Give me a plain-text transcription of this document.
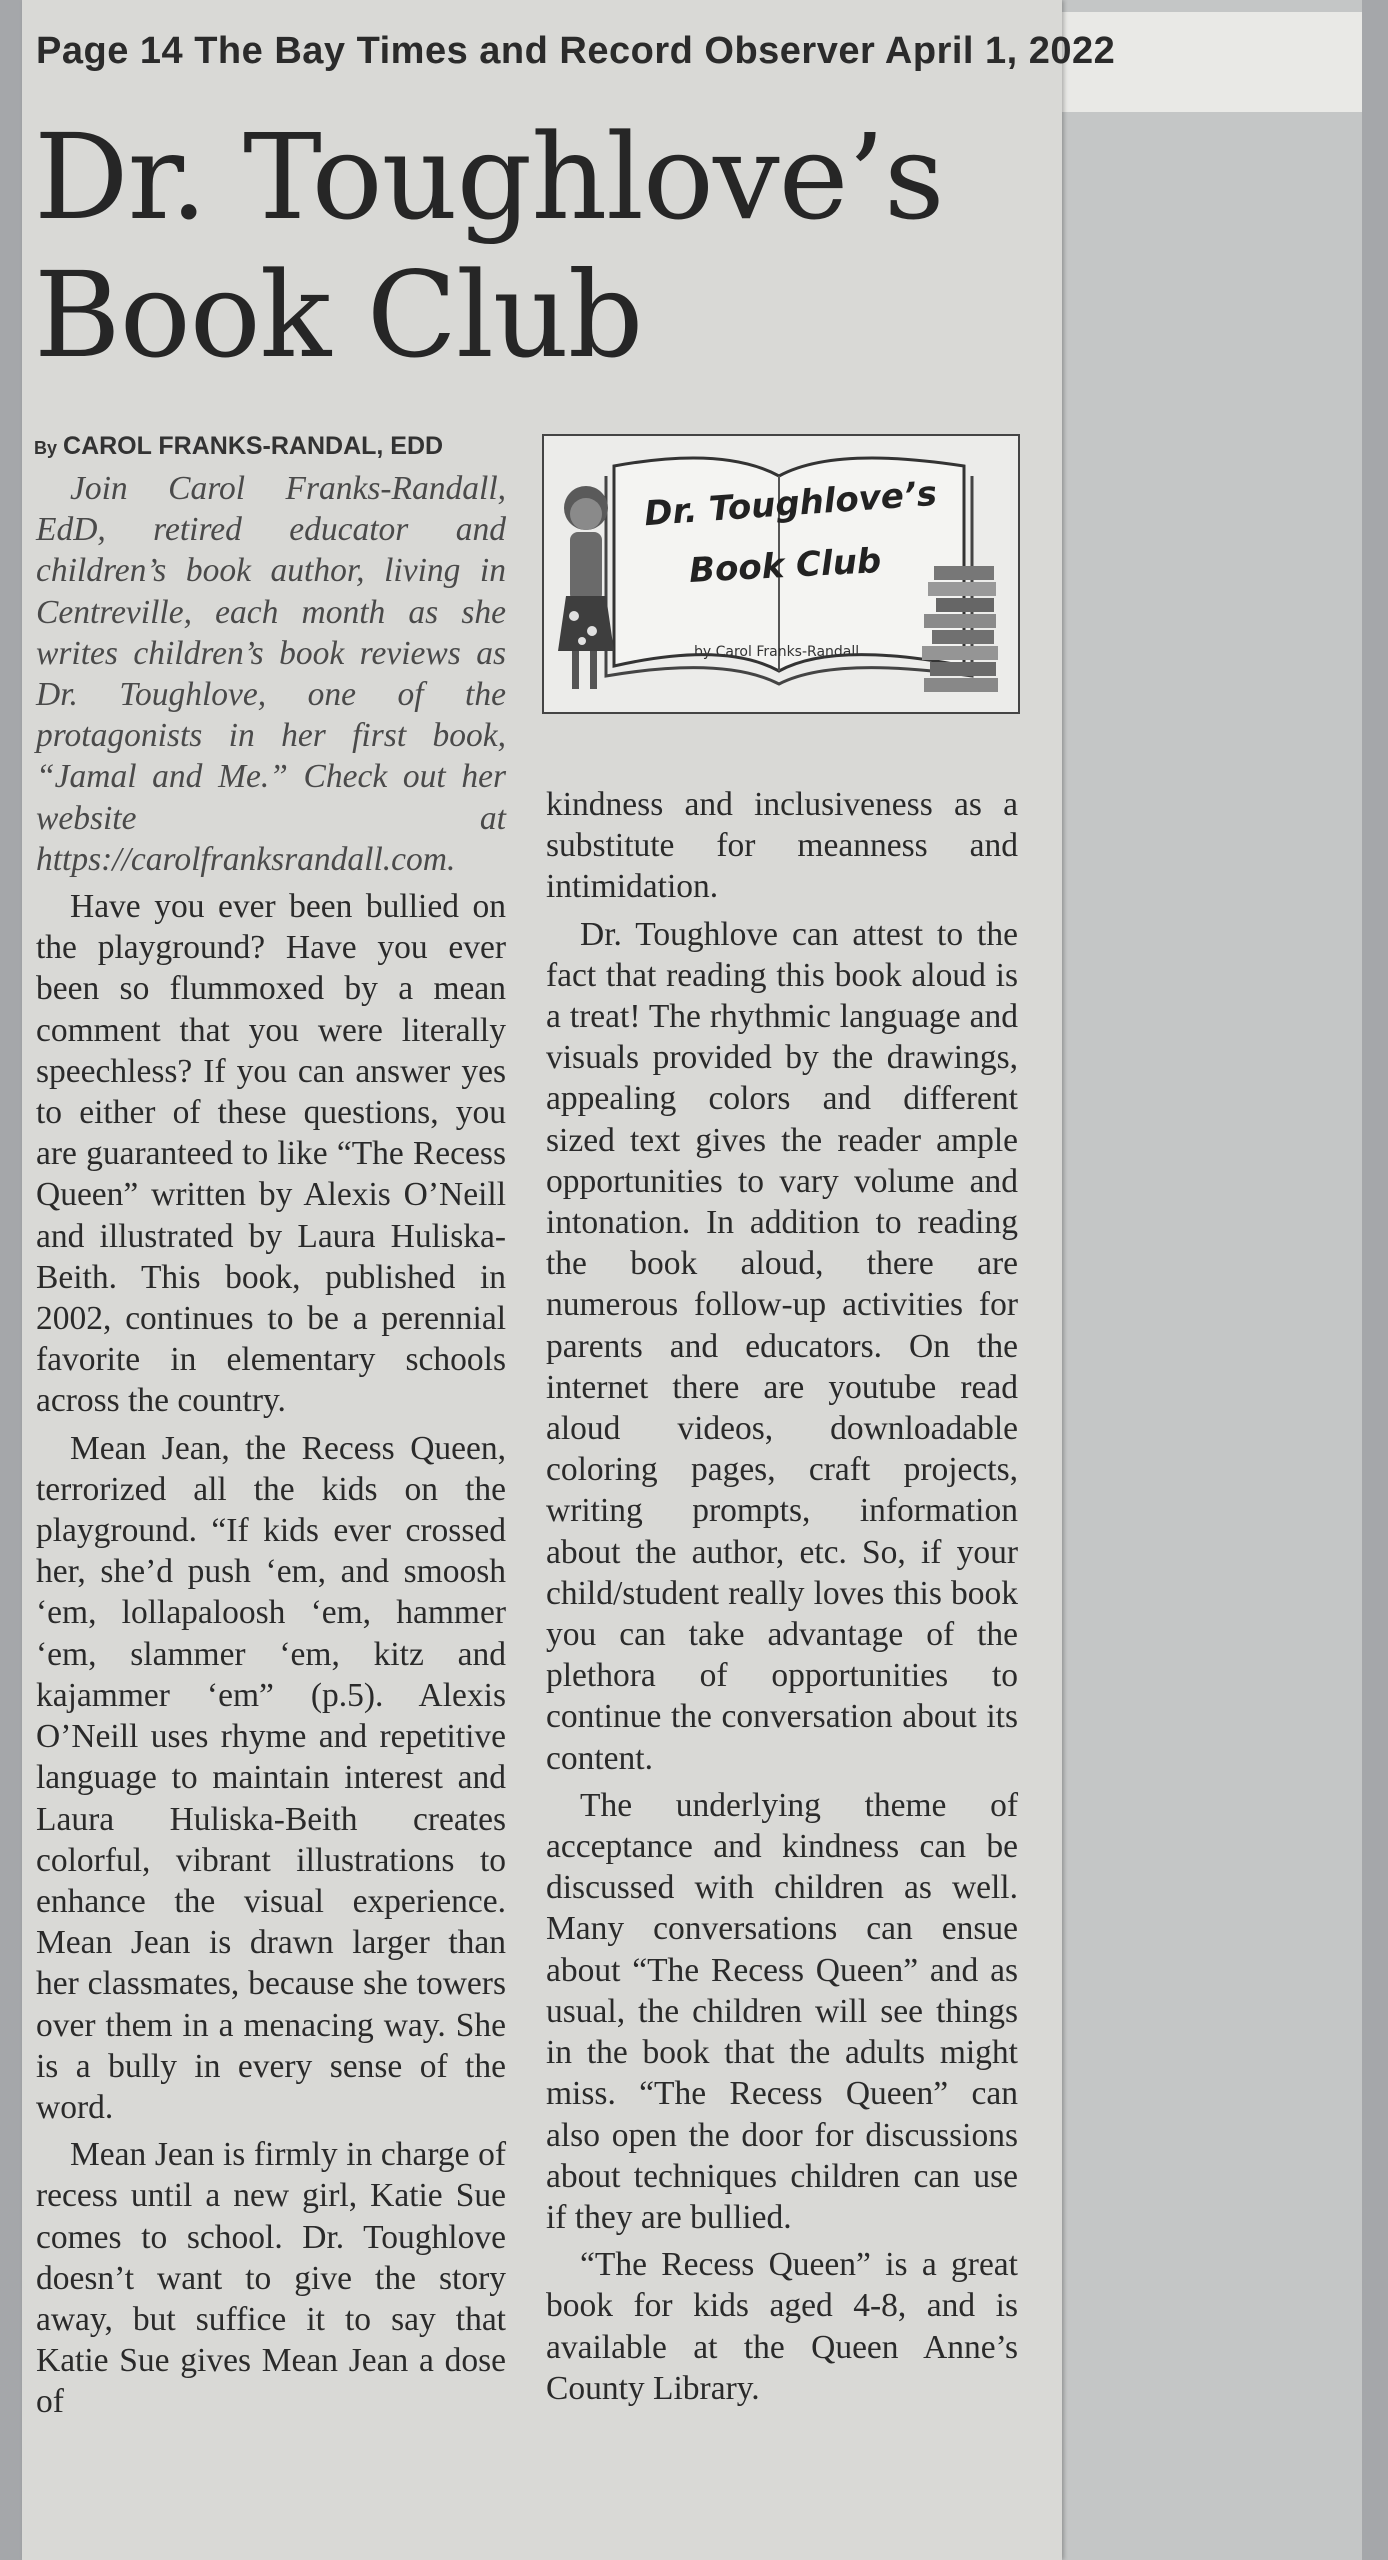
Page 14 The Bay Times and Record Observer April 1, 2022
Dr. Toughlove’s
Book Club
By CAROL FRANKS-RANDAL, EDD
Dr. Toughlove’s
Book Club
by Carol Franks-Randall

Join Carol Franks-Randall, EdD, retired educator and children’s book author, living in Centreville, each month as she writes children’s book reviews as Dr. Toughlove, one of the protagonists in her first book, “Jamal and Me.” Check out her website at https://carolfranksrandall.com.

Have you ever been bullied on the playground? Have you ever been so flummoxed by a mean comment that you were literally speechless? If you can answer yes to either of these questions, you are guaranteed to like “The Recess Queen” written by Alexis O’Neill and illustrated by Laura Huliska-Beith. This book, published in 2002, continues to be a perennial favorite in elementary schools across the country.

Mean Jean, the Recess Queen, terrorized all the kids on the playground. “If kids ever crossed her, she’d push ‘em, and smoosh ‘em, lollapaloosh ‘em, hammer ‘em, slammer ‘em, kitz and kajammer ‘em” (p.5). Alexis O’Neill uses rhyme and repetitive language to maintain interest and Laura Huliska-Beith creates colorful, vibrant illustrations to enhance the visual experience. Mean Jean is drawn larger than her classmates, because she towers over them in a menacing way. She is a bully in every sense of the word.

Mean Jean is firmly in charge of recess until a new girl, Katie Sue comes to school. Dr. Toughlove doesn’t want to give the story away, but suffice it to say that Katie Sue gives Mean Jean a dose of

kindness and inclusiveness as a substitute for meanness and intimidation.

Dr. Toughlove can attest to the fact that reading this book aloud is a treat! The rhythmic language and visuals provided by the drawings, appealing colors and different sized text gives the reader ample opportunities to vary volume and intonation. In addition to reading the book aloud, there are numerous follow-up activities for parents and educators. On the internet there are youtube read aloud videos, downloadable coloring pages, craft projects, writing prompts, information about the author, etc. So, if your child/student really loves this book you can take advantage of the plethora of opportunities to continue the conversation about its content.

The underlying theme of acceptance and kindness can be discussed with children as well. Many conversations can ensue about “The Recess Queen” and as usual, the children will see things in the book that the adults might miss. “The Recess Queen” can also open the door for discussions about techniques children can use if they are bullied.

“The Recess Queen” is a great book for kids aged 4-8, and is available at the Queen Anne’s County Library.
